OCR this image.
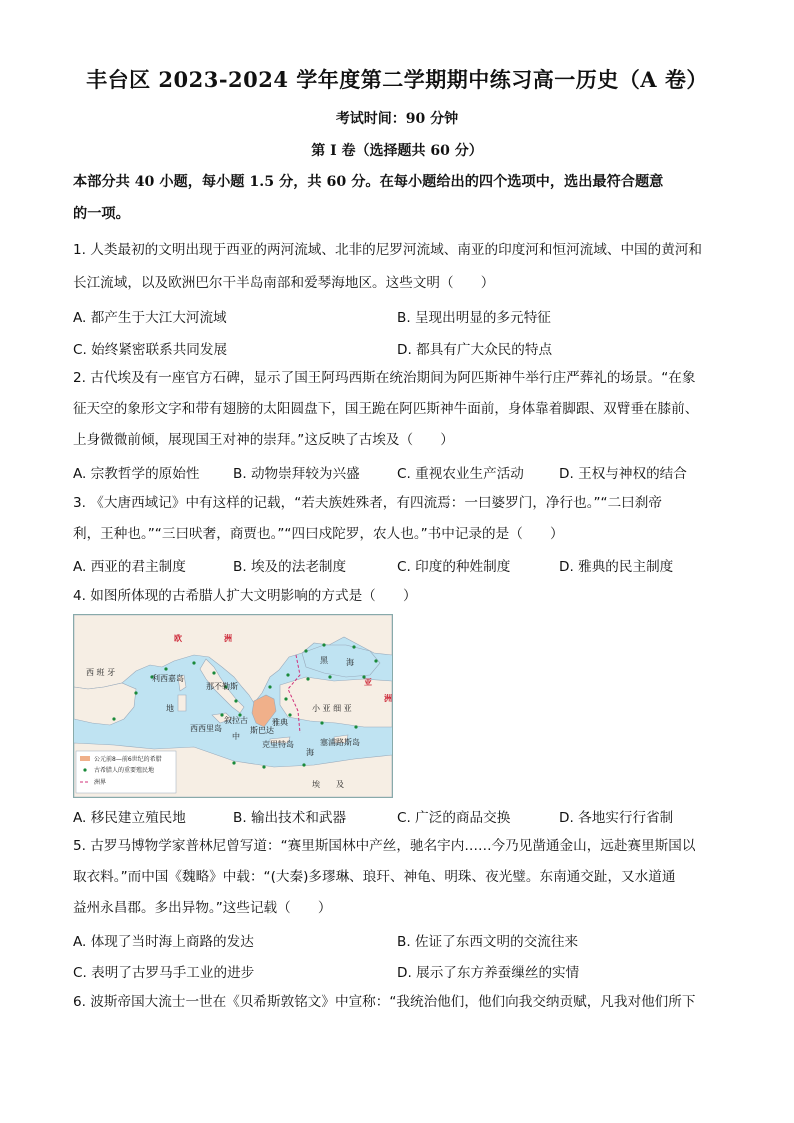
丰台区 2023-2024 学年度第二学期期中练习高一历史（A 卷）
考试时间：90 分钟
第 I 卷（选择题共 60 分）
本部分共 40 小题，每小题 1.5 分，共 60 分。在每小题给出的四个选项中，选出最符合题意
的一项。
1. 人类最初的文明出现于西亚的两河流域、北非的尼罗河流域、南亚的印度河和恒河流域、中国的黄河和
长江流域，以及欧洲巴尔干半岛南部和爱琴海地区。这些文明（　　）
A. 都产生于大江大河流域	B. 呈现出明显的多元特征
C. 始终紧密联系共同发展	D. 都具有广大众民的特点
2. 古代埃及有一座官方石碑，显示了国王阿玛西斯在统治期间为阿匹斯神牛举行庄严葬礼的场景。“在象
征天空的象形文字和带有翅膀的太阳圆盘下，国王跪在阿匹斯神牛面前，身体靠着脚跟、双臂垂在膝前、
上身微微前倾，展现国王对神的崇拜。”这反映了古埃及（　　）
A. 宗教哲学的原始性 B. 动物崇拜较为兴盛	C. 重视农业生产活动	D. 王权与神权的结合
3. 《大唐西域记》中有这样的记载，“若夫族姓殊者，有四流焉：一曰婆罗门，净行也。”“二曰刹帝
利，王种也。”“三曰吠奢，商贾也。”“四曰戍陀罗，农人也。”书中记录的是（　　）
A. 西亚的君主制度	B. 埃及的法老制度	C. 印度的种姓制度	D. 雅典的民主制度
4. 如图所体现的古希腊人扩大文明影响的方式是（　　）
欧	洲
亚
洲
黑 海
地
中
海
埃 及
西 班 牙
利西嘉岛
那不勒斯
西西里岛
叙拉古
斯巴达
雅典
克里特岛
小 亚 细 亚
塞浦路斯岛
公元前8—前6世纪的希腊
古希腊人的重要殖民地
洲界
A. 移民建立殖民地	B. 输出技术和武器	C. 广泛的商品交换	D. 各地实行行省制
5. 古罗马博物学家普林尼曾写道：“赛里斯国林中产丝，驰名宇内……今乃见凿通金山，远赴赛里斯国以
取衣料。”而中国《魏略》中载：“(大秦)多璆琳、琅玕、神龟、明珠、夜光璧。东南通交趾，又水道通
益州永昌郡。多出异物。”这些记载（　　）
A. 体现了当时海上商路的发达	B. 佐证了东西文明的交流往来
C. 表明了古罗马手工业的进步	D. 展示了东方养蚕缫丝的实情
6. 波斯帝国大流士一世在《贝希斯敦铭文》中宣称：“我统治他们，他们向我交纳贡赋，凡我对他们所下
